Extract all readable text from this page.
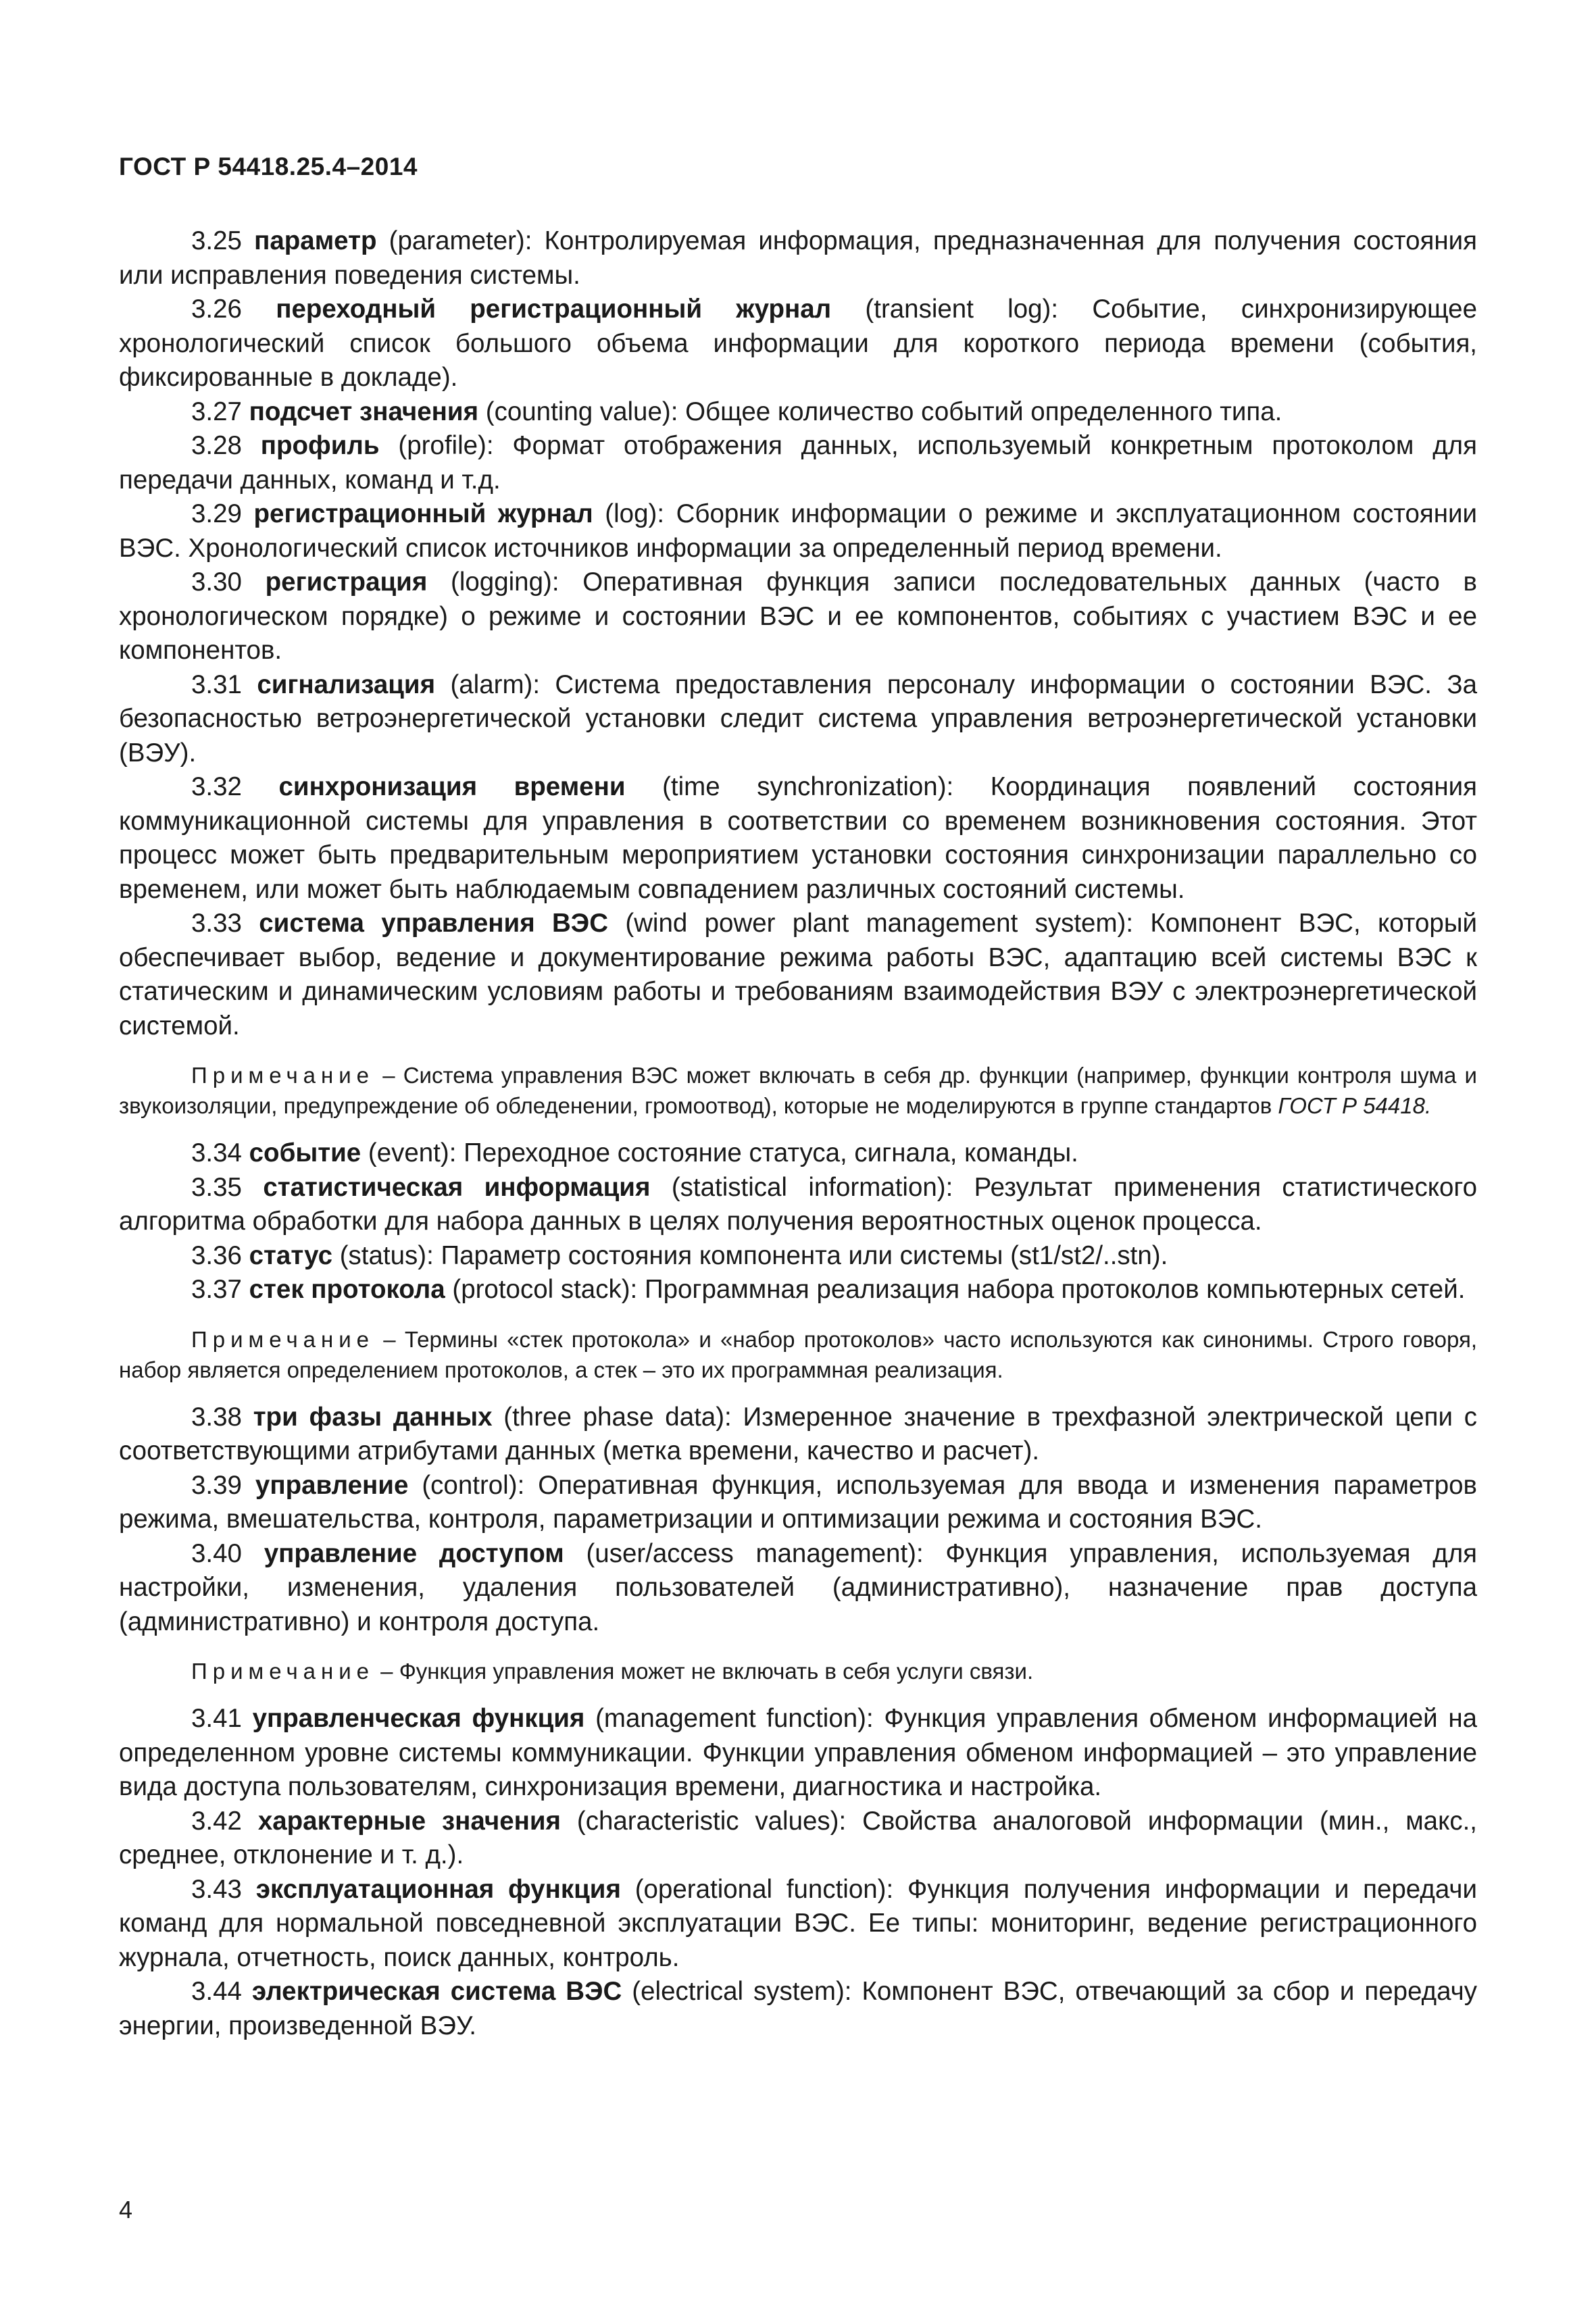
ГОСТ Р 54418.25.4–2014

3.25 параметр (parameter): Контролируемая информация, предназначенная для получения состояния или исправления поведения системы.

3.26 переходный регистрационный журнал (transient log): Событие, синхронизирующее хронологический список большого объема информации для короткого периода времени (события, фиксированные в докладе).

3.27 подсчет значения (counting value): Общее количество событий определенного типа.

3.28 профиль (profile): Формат отображения данных, используемый конкретным протоколом для передачи данных, команд и т.д.

3.29 регистрационный журнал (log): Сборник информации о режиме и эксплуатационном состоянии ВЭС. Хронологический список источников информации за определенный период времени.

3.30 регистрация (logging): Оперативная функция записи последовательных данных (часто в хронологическом порядке) о режиме и состоянии ВЭС и ее компонентов, событиях с участием ВЭС и ее компонентов.

3.31 сигнализация (alarm): Система предоставления персоналу информации о состоянии ВЭС. За безопасностью ветроэнергетической установки следит система управления ветроэнергетической установки (ВЭУ).

3.32 синхронизация времени (time synchronization): Координация появлений состояния коммуникационной системы для управления в соответствии со временем возникновения состояния. Этот процесс может быть предварительным мероприятием установки состояния синхронизации параллельно со временем, или может быть наблюдаемым совпадением различных состояний системы.

3.33 система управления ВЭС (wind power plant management system): Компонент ВЭС, который обеспечивает выбор, ведение и документирование режима работы ВЭС, адаптацию всей системы ВЭС к статическим и динамическим условиям работы и требованиям взаимодействия ВЭУ с электроэнергетической системой.

Примечание – Система управления ВЭС может включать в себя др. функции (например, функции контроля шума и звукоизоляции, предупреждение об обледенении, громоотвод), которые не моделируются в группе стандартов ГОСТ Р 54418.

3.34 событие (event): Переходное состояние статуса, сигнала, команды.

3.35 статистическая информация (statistical information): Результат применения статистического алгоритма обработки для набора данных в целях получения вероятностных оценок процесса.

3.36 статус (status): Параметр состояния компонента или системы (st1/st2/..stn).

3.37 стек протокола (protocol stack): Программная реализация набора протоколов компьютерных сетей.

Примечание – Термины «стек протокола» и «набор протоколов» часто используются как синонимы. Строго говоря, набор является определением протоколов, а стек – это их программная реализация.

3.38 три фазы данных (three phase data): Измеренное значение в трехфазной электрической цепи с соответствующими атрибутами данных (метка времени, качество и расчет).

3.39 управление (control): Оперативная функция, используемая для ввода и изменения параметров режима, вмешательства, контроля, параметризации и оптимизации режима и состояния ВЭС.

3.40 управление доступом (user/access management): Функция управления, используемая для настройки, изменения, удаления пользователей (административно), назначение прав доступа (административно) и контроля доступа.

Примечание – Функция управления может не включать в себя услуги связи.

3.41 управленческая функция (management function): Функция управления обменом информацией на определенном уровне системы коммуникации. Функции управления обменом информацией – это управление вида доступа пользователям, синхронизация времени, диагностика и настройка.

3.42 характерные значения (characteristic values): Свойства аналоговой информации (мин., макс., среднее, отклонение и т. д.).

3.43 эксплуатационная функция (operational function): Функция получения информации и передачи команд для нормальной повседневной эксплуатации ВЭС. Ее типы: мониторинг, ведение регистрационного журнала, отчетность, поиск данных, контроль.

3.44 электрическая система ВЭС (electrical system): Компонент ВЭС, отвечающий за сбор и передачу энергии, произведенной ВЭУ.

4
